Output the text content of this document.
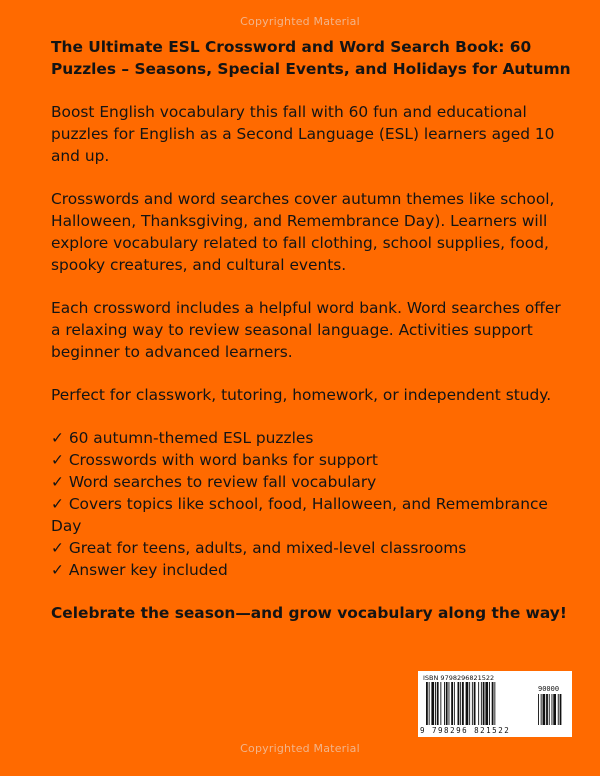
Copyrighted Material

The Ultimate ESL Crossword and Word Search Book: 60 Puzzles – Seasons, Special Events, and Holidays for Autumn

Boost English vocabulary this fall with 60 fun and educational puzzles for English as a Second Language (ESL) learners aged 10 and up.

Crosswords and word searches cover autumn themes like school, Halloween, Thanksgiving, and Remembrance Day). Learners will explore vocabulary related to fall clothing, school supplies, food, spooky creatures, and cultural events.

Each crossword includes a helpful word bank. Word searches offer a relaxing way to review seasonal language. Activities support beginner to advanced learners.

Perfect for classwork, tutoring, homework, or independent study.

✓ 60 autumn-themed ESL puzzles
✓ Crosswords with word banks for support
✓ Word searches to review fall vocabulary
✓ Covers topics like school, food, Halloween, and Remembrance Day
✓ Great for teens, adults, and mixed-level classrooms
✓ Answer key included

Celebrate the season—and grow vocabulary along the way!

ISBN 9798296821522
90000
9 798296 821522
Copyrighted Material
